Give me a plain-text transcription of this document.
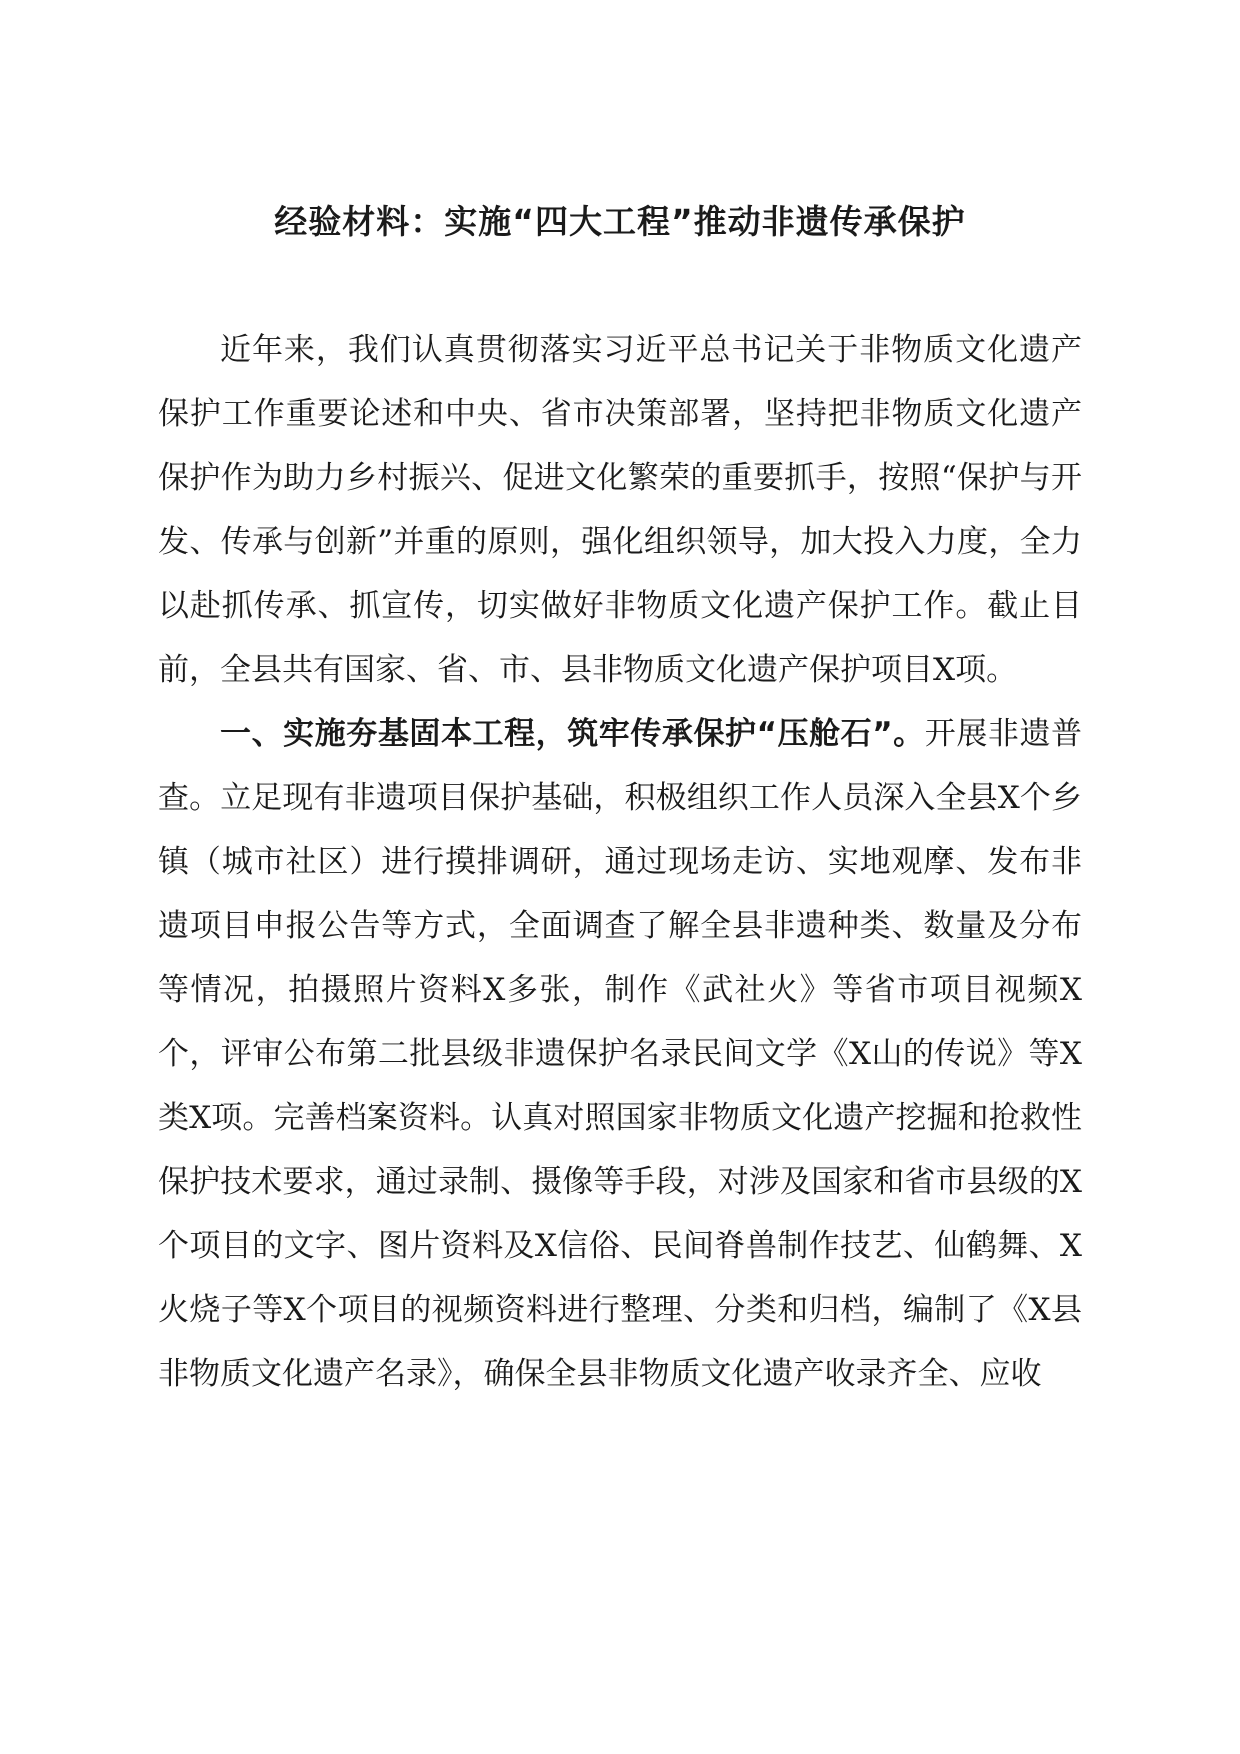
经验材料：实施“四大工程”推动非遗传承保护

近年来，我们认真贯彻落实习近平总书记关于非物质文化遗产保护工作重要论述和中央、省市决策部署，坚持把非物质文化遗产保护作为助力乡村振兴、促进文化繁荣的重要抓手，按照“保护与开发、传承与创新”并重的原则，强化组织领导，加大投入力度，全力以赴抓传承、抓宣传，切实做好非物质文化遗产保护工作。截止目前，全县共有国家、省、市、县非物质文化遗产保护项目X项。

一、实施夯基固本工程，筑牢传承保护“压舱石”。开展非遗普查。立足现有非遗项目保护基础，积极组织工作人员深入全县X个乡镇（城市社区）进行摸排调研，通过现场走访、实地观摩、发布非遗项目申报公告等方式，全面调查了解全县非遗种类、数量及分布等情况，拍摄照片资料X多张，制作《武社火》等省市项目视频X个，评审公布第二批县级非遗保护名录民间文学《X山的传说》等X类X项。完善档案资料。认真对照国家非物质文化遗产挖掘和抢救性保护技术要求，通过录制、摄像等手段，对涉及国家和省市县级的X个项目的文字、图片资料及X信俗、民间脊兽制作技艺、仙鹤舞、X火烧子等X个项目的视频资料进行整理、分类和归档，编制了《X县非物质文化遗产名录》，确保全县非物质文化遗产收录齐全、应收
